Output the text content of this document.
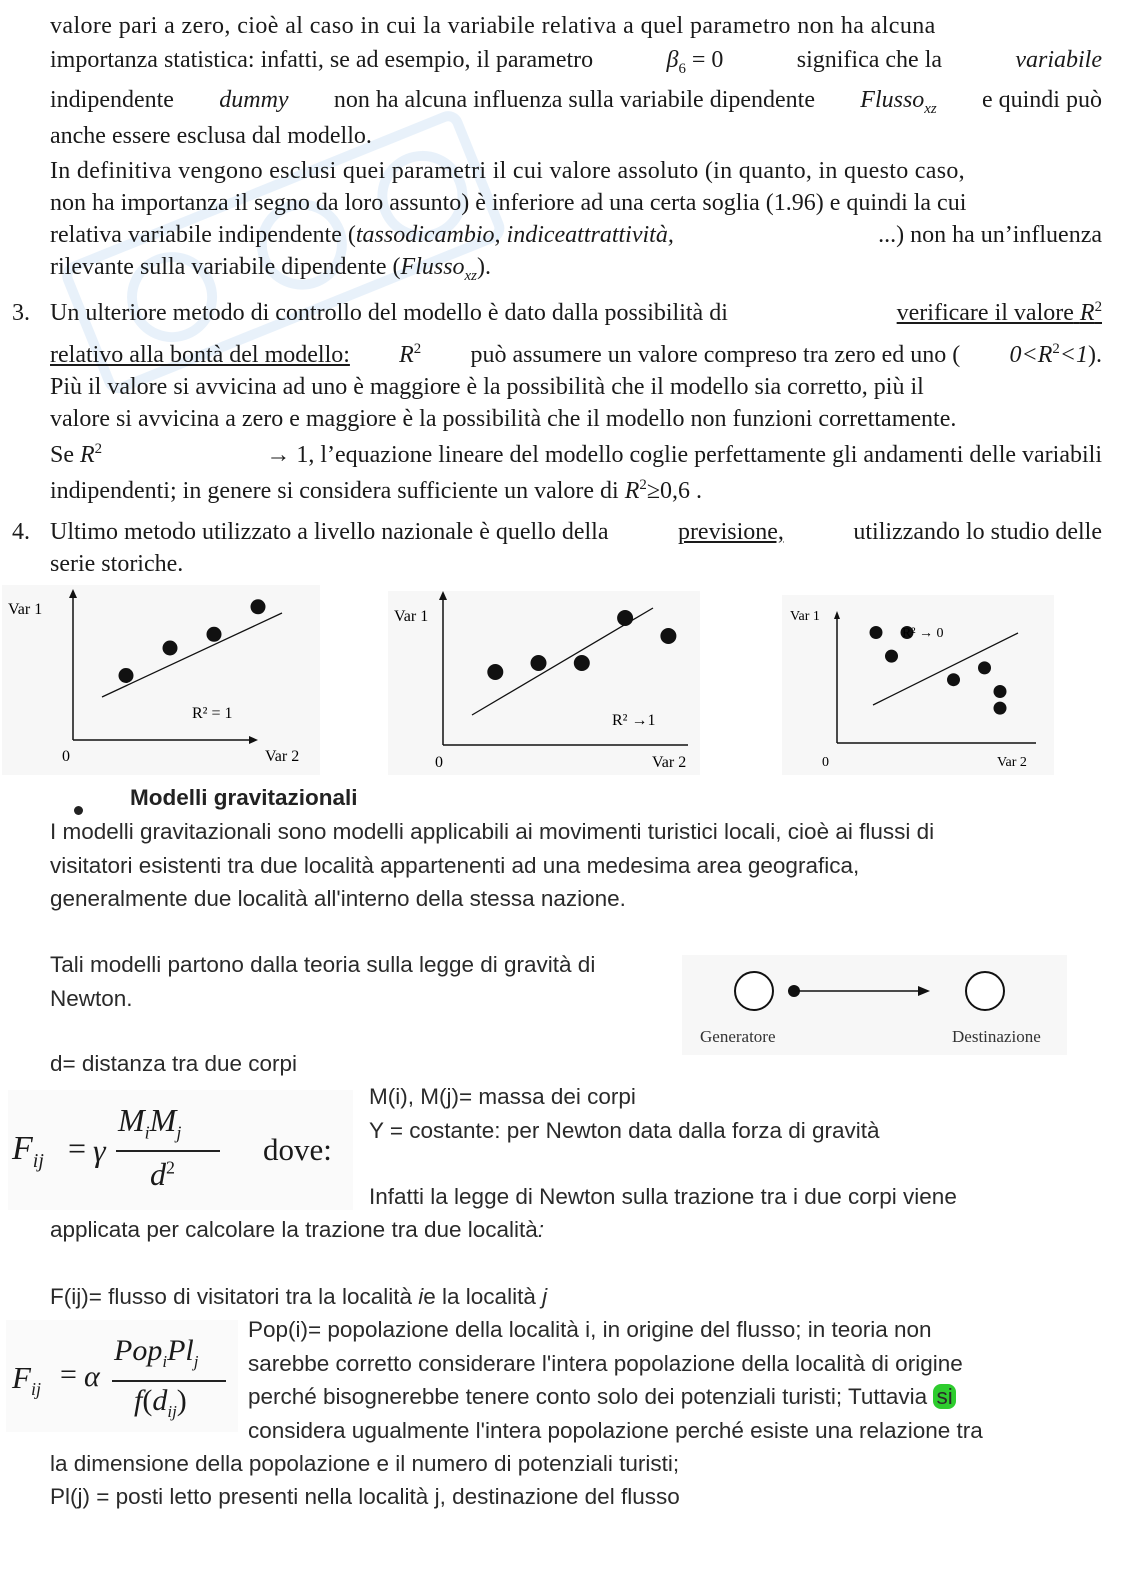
valore pari a zero, cioè al caso in cui la variabile relativa a quel parametro non ha alcuna
importanza statistica: infatti, se ad esempio, il parametro	$\beta_6 = 0$	significa che la	variabile
indipendente dummy non ha alcuna influenza sulla variabile dipendente Flusso$_{xz}$ e quindi può
anche essere esclusa dal modello.
In definitiva vengono esclusi quei parametri il cui valore assoluto (in quanto, in questo caso,
non ha importanza il segno da loro assunto) è inferiore ad una certa soglia (1.96) e quindi la cui
relativa variabile indipendente (tassodicambio, indiceattrattività,	...) non ha un’influenza
rilevante sulla variabile dipendente (Flusso$_{xz}$).
3. Un ulteriore metodo di controllo del modello è dato dalla possibilità di	verificare il valore $R^2$
relativo alla bontà del modello: $R^2$ può assumere un valore compreso tra zero ed uno ( $0<R^2<1$).
Più il valore si avvicina ad uno è maggiore è la possibilità che il modello sia corretto, più il
valore si avvicina a zero e maggiore è la possibilità che il modello non funzioni correttamente.
Se $R^2$	→ 1, l’equazione lineare del modello coglie perfettamente gli andamenti delle variabili
indipendenti; in genere si considera sufficiente un valore di $R^2\ge 0,6$ .
4. Ultimo metodo utilizzato a livello nazionale è quello della	previsione,	utilizzando lo studio delle
serie storiche.
Var 1
Var 2
0
R² = 1
Var 1
Var 2
0
R² →1
Var 1
Var 2
0
R² → 0
Modelli gravitazionali
I modelli gravitazionali sono modelli applicabili ai movimenti turistici locali, cioè ai flussi di
visitatori esistenti tra due località appartenenti ad una medesima area geografica,
generalmente due località all'interno della stessa nazione.
Tali modelli partono dalla teoria sulla legge di gravità di
Newton.
Generatore	Destinazione
d= distanza tra due corpi
$F_{ij} = \gamma$
$M_iM_j$
$d^2$
dove:
M(i), M(j)= massa dei corpi
Y = costante: per Newton data dalla forza di gravità
Infatti la legge di Newton sulla trazione tra i due corpi viene
applicata per calcolare la trazione tra due località:
F(ij)= flusso di visitatori tra la località ie la località j
$F_{ij} = \alpha$
$Pop_iPl_j$
$f(d_{ij})$
Pop(i)= popolazione della località i, in origine del flusso; in teoria non
sarebbe corretto considerare l'intera popolazione della località di origine
perché bisognerebbe tenere conto solo dei potenziali turisti; Tuttavia si
considera ugualmente l'intera popolazione perché esiste una relazione tra
la dimensione della popolazione e il numero di potenziali turisti;
Pl(j) = posti letto presenti nella località j, destinazione del flusso
